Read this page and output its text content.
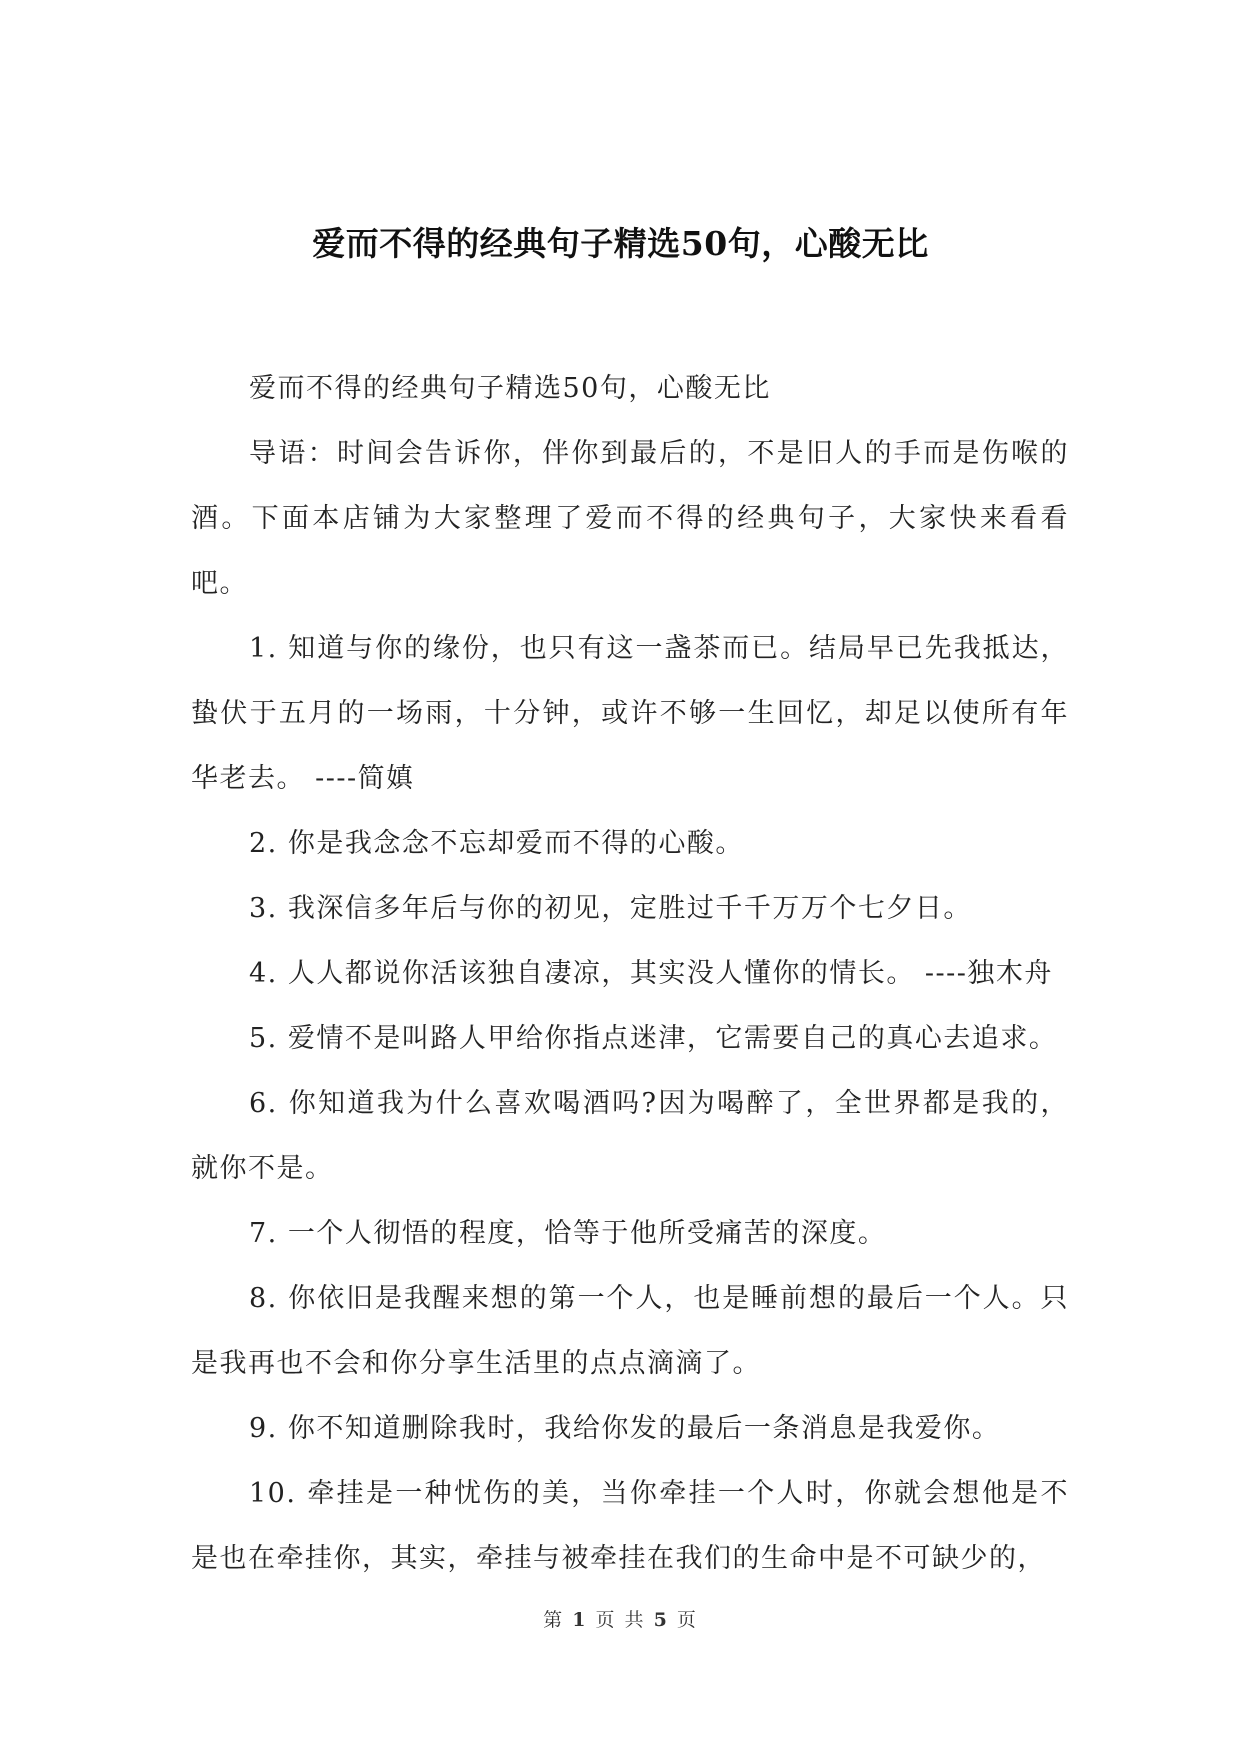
爱而不得的经典句子精选50句，心酸无比

爱而不得的经典句子精选50句，心酸无比

导语：时间会告诉你，伴你到最后的，不是旧人的手而是伤喉的酒。下面本店铺为大家整理了爱而不得的经典句子，大家快来看看吧。

1. 知道与你的缘份，也只有这一盏茶而已。结局早已先我抵达，蛰伏于五月的一场雨，十分钟，或许不够一生回忆，却足以使所有年华老去。 ----简嫃

2. 你是我念念不忘却爱而不得的心酸。

3. 我深信多年后与你的初见，定胜过千千万万个七夕日。

4. 人人都说你活该独自凄凉，其实没人懂你的情长。 ----独木舟

5. 爱情不是叫路人甲给你指点迷津，它需要自己的真心去追求。

6. 你知道我为什么喜欢喝酒吗?因为喝醉了，全世界都是我的，就你不是。

7. 一个人彻悟的程度，恰等于他所受痛苦的深度。

8. 你依旧是我醒来想的第一个人，也是睡前想的最后一个人。只是我再也不会和你分享生活里的点点滴滴了。

9. 你不知道删除我时，我给你发的最后一条消息是我爱你。

10. 牵挂是一种忧伤的美，当你牵挂一个人时，你就会想他是不是也在牵挂你，其实，牵挂与被牵挂在我们的生命中是不可缺少的，

第 1 页 共 5 页
